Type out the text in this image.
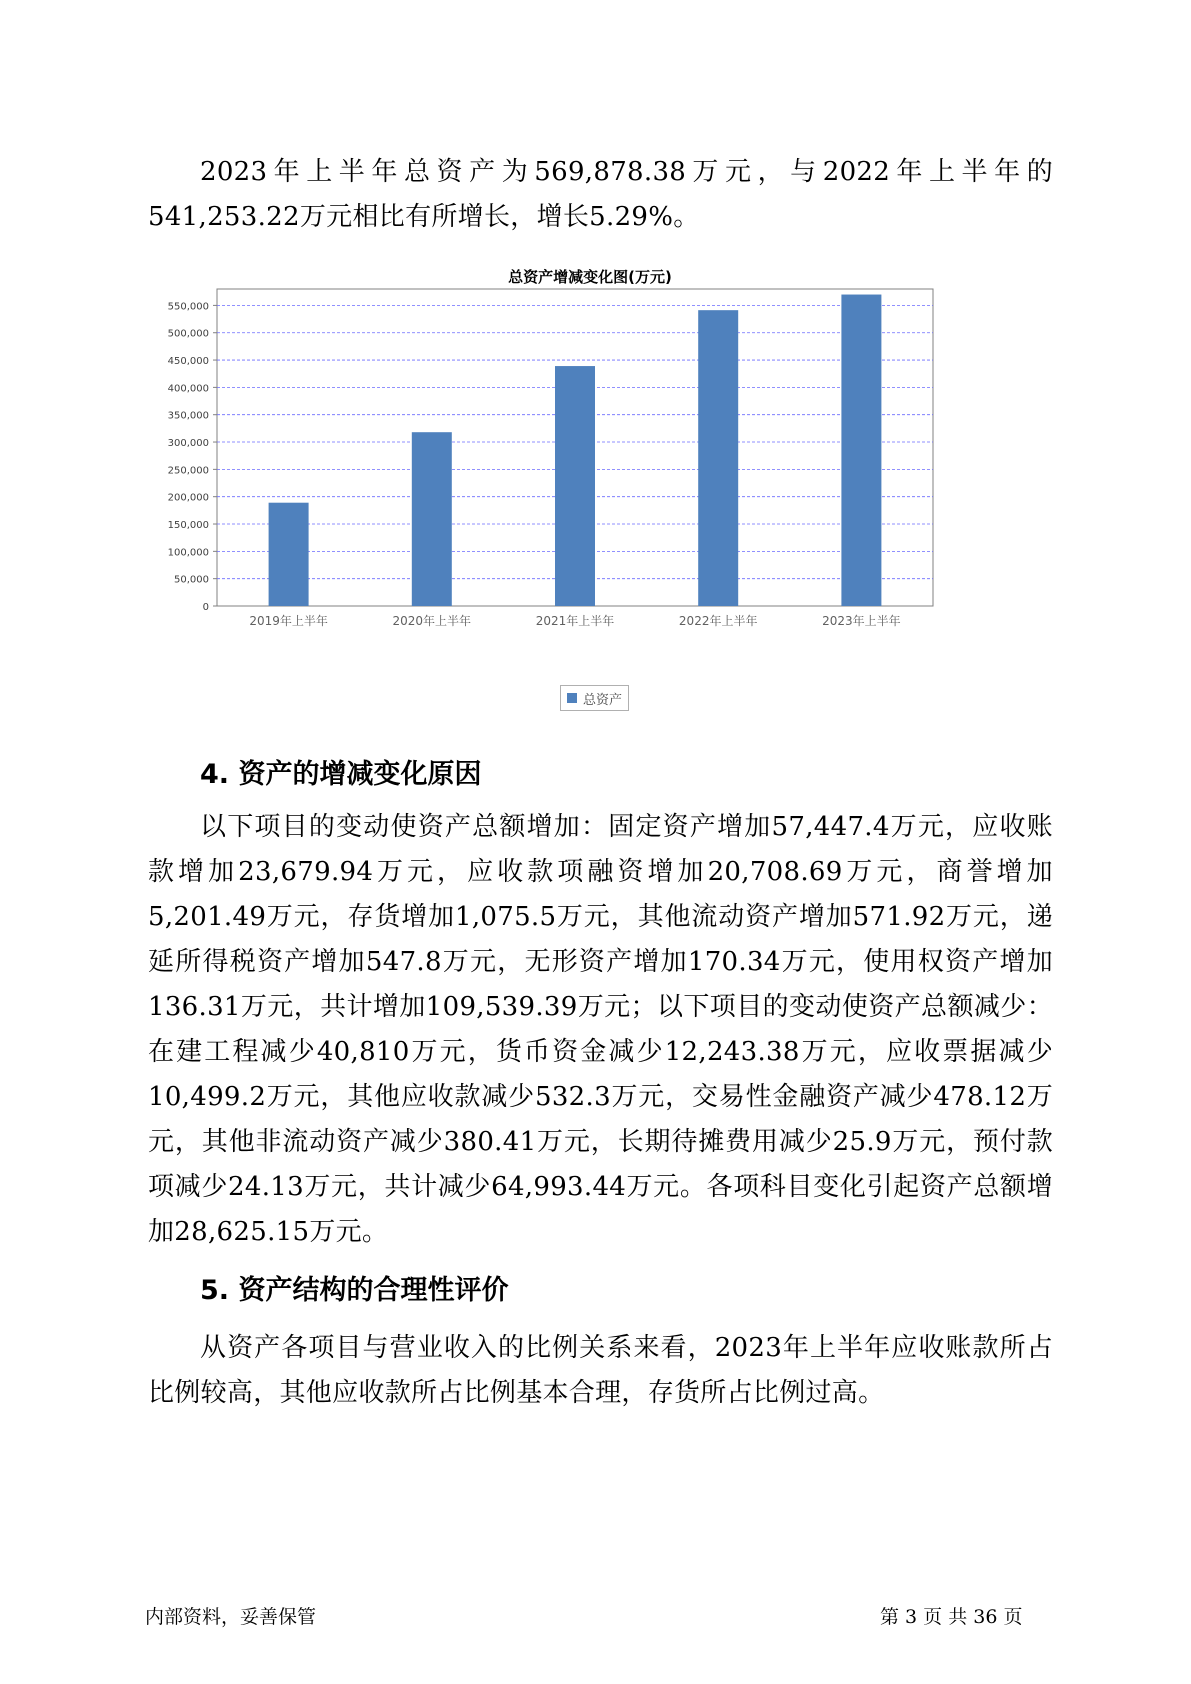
2023年上半年总资产为569,878.38万元，与2022年上半年的541,253.22万元相比有所增长，增长5.29%。

总资产增减变化图(万元)
0
50,000
100,000
150,000
200,000
250,000
300,000
350,000
400,000
450,000
500,000
550,000
2019年上半年	2020年上半年	2021年上半年	2022年上半年	2023年上半年
总资产
4. 资产的增减变化原因

以下项目的变动使资产总额增加：固定资产增加57,447.4万元，应收账款增加23,679.94万元，应收款项融资增加20,708.69万元，商誉增加5,201.49万元，存货增加1,075.5万元，其他流动资产增加571.92万元，递延所得税资产增加547.8万元，无形资产增加170.34万元，使用权资产增加136.31万元，共计增加109,539.39万元；以下项目的变动使资产总额减少：在建工程减少40,810万元，货币资金减少12,243.38万元，应收票据减少10,499.2万元，其他应收款减少532.3万元，交易性金融资产减少478.12万元，其他非流动资产减少380.41万元，长期待摊费用减少25.9万元，预付款项减少24.13万元，共计减少64,993.44万元。各项科目变化引起资产总额增加28,625.15万元。

5. 资产结构的合理性评价

从资产各项目与营业收入的比例关系来看，2023年上半年应收账款所占比例较高，其他应收款所占比例基本合理，存货所占比例过高。

内部资料，妥善保管	第 3 页 共 36 页
